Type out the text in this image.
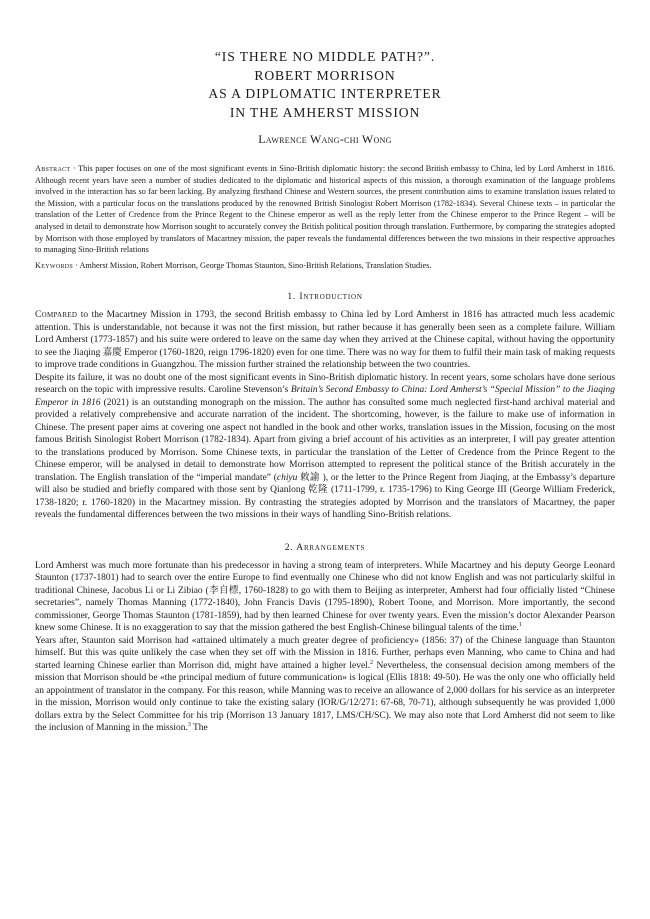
“IS THERE NO MIDDLE PATH?”.
ROBERT MORRISON
AS A DIPLOMATIC INTERPRETER
IN THE AMHERST MISSION
Lawrence Wang-chi Wong
Abstract · This paper focuses on one of the most significant events in Sino-British diplomatic history: the second British embassy to China, led by Lord Amherst in 1816. Although recent years have seen a number of studies dedicated to the diplomatic and historical aspects of this mission, a thorough examination of the language problems involved in the interaction has so far been lacking. By analyzing firsthand Chinese and Western sources, the present contribution aims to examine translation issues related to the Mission, with a particular focus on the translations produced by the renowned British Sinologist Robert Morrison (1782-1834). Several Chinese texts – in particular the translation of the Letter of Credence from the Prince Regent to the Chinese emperor as well as the reply letter from the Chinese emperor to the Prince Regent – will be analysed in detail to demonstrate how Morrison sought to accurately convey the British political position through translation. Furthermore, by comparing the strategies adopted by Morrison with those employed by translators of Macartney mission, the paper reveals the fundamental differences between the two missions in their respective approaches to managing Sino-British relations
Keywords · Amherst Mission, Robert Morrison, George Thomas Staunton, Sino-British Relations, Translation Studies.
1. Introduction

Compared to the Macartney Mission in 1793, the second British embassy to China led by Lord Amherst in 1816 has attracted much less academic attention. This is understandable, not because it was not the first mission, but rather because it has generally been seen as a complete failure. William Lord Amherst (1773-1857) and his suite were ordered to leave on the same day when they arrived at the Chinese capital, without having the opportunity to see the Jiaqing 嘉慶 Emperor (1760-1820, reign 1796-1820) even for one time. There was no way for them to fulfil their main task of making requests to improve trade conditions in Guangzhou. The mission further strained the relationship between the two countries.

Despite its failure, it was no doubt one of the most significant events in Sino-British diplomatic history. In recent years, some scholars have done serious research on the topic with impressive results. Caroline Stevenson’s Britain’s Second Embassy to China: Lord Amherst’s “Special Mission” to the Jiaqing Emperor in 1816 (2021) is an outstanding monograph on the mission. The author has consulted some much neglected first-hand archival material and provided a relatively comprehensive and accurate narration of the incident. The shortcoming, however, is the failure to make use of information in Chinese. The present paper aims at covering one aspect not handled in the book and other works, translation issues in the Mission, focusing on the most famous British Sinologist Robert Morrison (1782-1834). Apart from giving a brief account of his activities as an interpreter, I will pay greater attention to the translations produced by Morrison. Some Chinese texts, in particular the translation of the Letter of Credence from the Prince Regent to the Chinese emperor, will be analysed in detail to demonstrate how Morrison attempted to represent the political stance of the British accurately in the translation. The English translation of the “imperial mandate” (chiyu 敕諭 ), or the letter to the Prince Regent from Jiaqing, at the Embassy’s departure will also be studied and briefly compared with those sent by Qianlong 乾隆 (1711-1799, r. 1735-1796) to King George III (George William Frederick, 1738-1820; r. 1760-1820) in the Macartney mission. By contrasting the strategies adopted by Morrison and the translators of Macartney, the paper reveals the fundamental differences between the two missions in their ways of handling Sino-British relations.

2. Arrangements

Lord Amherst was much more fortunate than his predecessor in having a strong team of interpreters. While Macartney and his deputy George Leonard Staunton (1737-1801) had to search over the entire Europe to find eventually one Chinese who did not know English and was not particularly skilful in traditional Chinese, Jacobus Li or Li Zibiao (李自標, 1760-1828) to go with them to Beijing as interpreter, Amherst had four officially listed “Chinese secretaries”, namely Thomas Manning (1772-1840), John Francis Davis (1795-1890), Robert Toone, and Morrison. More importantly, the second commissioner, George Thomas Staunton (1781-1859), had by then learned Chinese for over twenty years. Even the mission’s doctor Alexander Pearson knew some Chinese. It is no exaggeration to say that the mission gathered the best English-Chinese bilingual talents of the time.$^1$

Years after, Staunton said Morrison had «attained ultimately a much greater degree of proficiency» (1856: 37) of the Chinese language than Staunton himself. But this was quite unlikely the case when they set off with the Mission in 1816. Further, perhaps even Manning, who came to China and had started learning Chinese earlier than Morrison did, might have attained a higher level.$^2$ Nevertheless, the consensual decision among members of the mission that Morrison should be «the principal medium of future communication» is logical (Ellis 1818: 49-50). He was the only one who officially held an appointment of translator in the company. For this reason, while Manning was to receive an allowance of 2,000 dollars for his service as an interpreter in the mission, Morrison would only continue to take the existing salary (IOR/G/12/271: 67-68, 70-71), although subsequently he was provided 1,000 dollars extra by the Select Committee for his trip (Morrison 13 January 1817, LMS/CH/SC). We may also note that Lord Amherst did not seem to like the inclusion of Manning in the mission.$^3$ The
